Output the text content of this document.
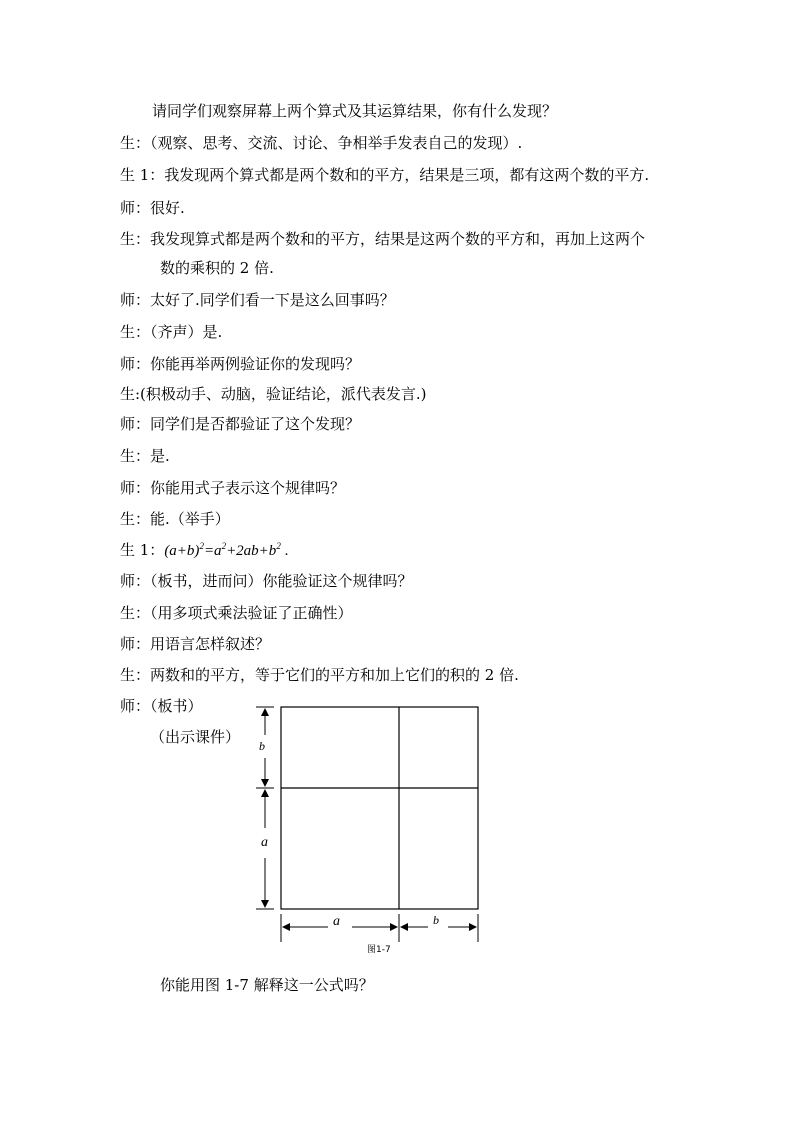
请同学们观察屏幕上两个算式及其运算结果，你有什么发现？
生：（观察、思考、交流、讨论、争相举手发表自己的发现）.
生 1：我发现两个算式都是两个数和的平方，结果是三项，都有这两个数的平方.
师：很好.
生：我发现算式都是两个数和的平方，结果是这两个数的平方和，再加上这两个
数的乘积的 2 倍.
师：太好了.同学们看一下是这么回事吗？
生：（齐声）是.
师：你能再举两例验证你的发现吗？
生:(积极动手、动脑，验证结论，派代表发言.)
师：同学们是否都验证了这个发现？
生：是.
师：你能用式子表示这个规律吗？
生：能.（举手）
生 1：$(a+b)^2=a^2+2ab+b^2$ .
师：（板书，进而问）你能验证这个规律吗？
生：（用多项式乘法验证了正确性）
师：用语言怎样叙述？
生：两数和的平方，等于它们的平方和加上它们的积的 2 倍.
师：（板书）
（出示课件） b
a
a	b
图1-7
你能用图 1-7 解释这一公式吗？
